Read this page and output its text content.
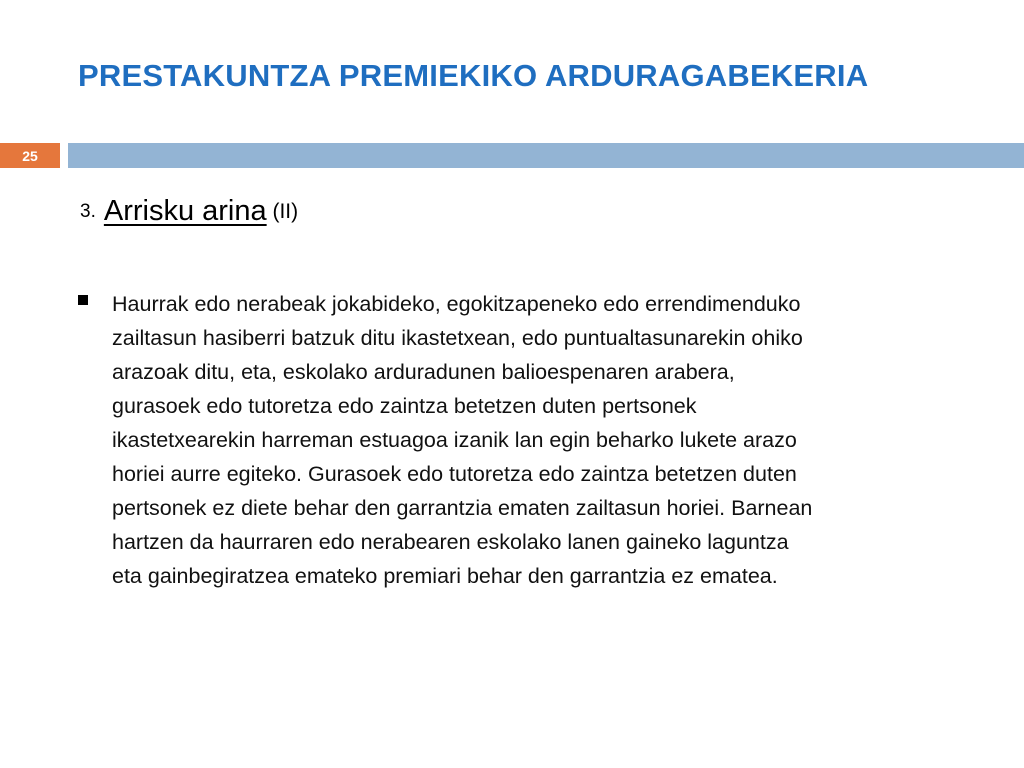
PRESTAKUNTZA PREMIEKIKO ARDURAGABEKERIA
25
3. Arrisku arina (II)
Haurrak edo nerabeak jokabideko, egokitzapeneko edo errendimenduko
zailtasun hasiberri batzuk ditu ikastetxean, edo puntualtasunarekin ohiko
arazoak ditu, eta, eskolako arduradunen balioespenaren arabera,
gurasoek edo tutoretza edo zaintza betetzen duten pertsonek
ikastetxearekin harreman estuagoa izanik lan egin beharko lukete arazo
horiei aurre egiteko. Gurasoek edo tutoretza edo zaintza betetzen duten
pertsonek ez diete behar den garrantzia ematen zailtasun horiei. Barnean
hartzen da haurraren edo nerabearen eskolako lanen gaineko laguntza
eta gainbegiratzea emateko premiari behar den garrantzia ez ematea.
